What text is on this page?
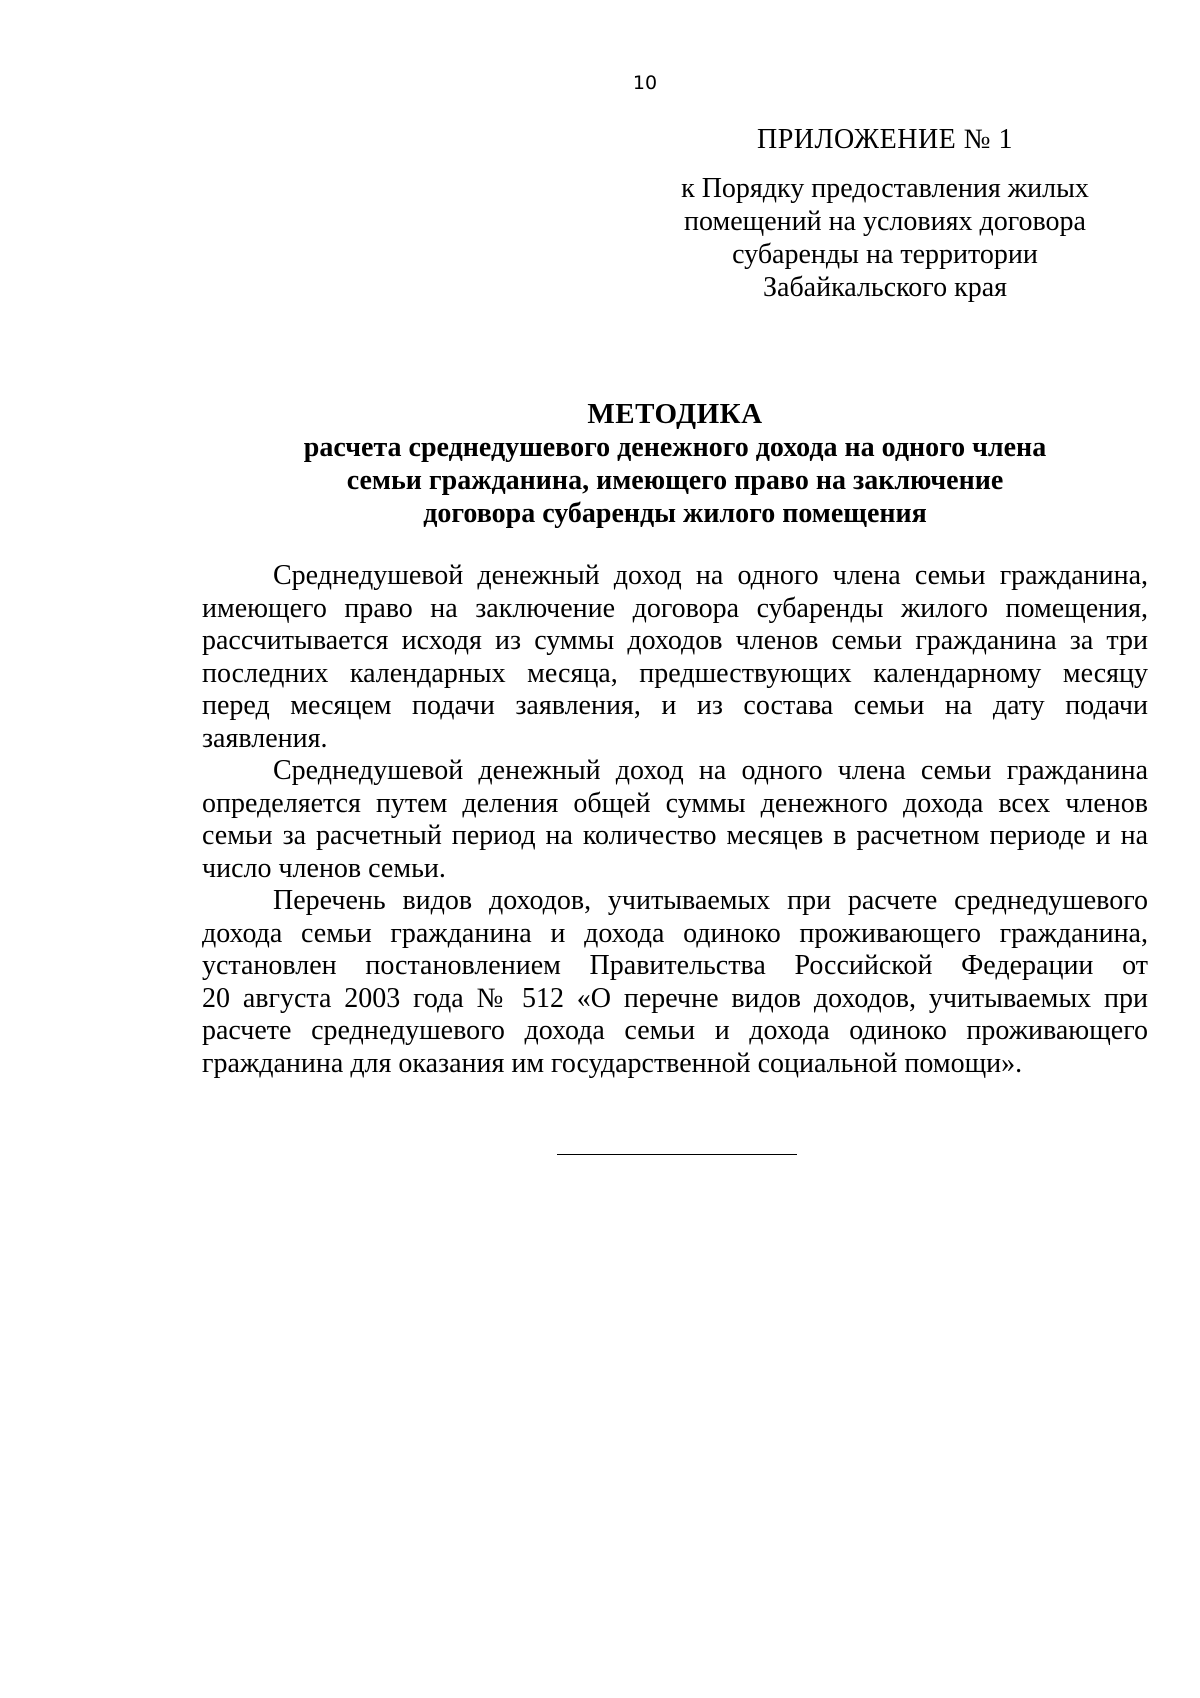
10
ПРИЛОЖЕНИЕ № 1
к Порядку предоставления жилых
помещений на условиях договора
субаренды на территории
Забайкальского края
МЕТОДИКА
расчета среднедушевого денежного дохода на одного члена
семьи гражданина, имеющего право на заключение
договора субаренды жилого помещения

Среднедушевой денежный доход на одного члена семьи гражданина,
имеющего право на заключение договора субаренды жилого помещения,
рассчитывается исходя из суммы доходов членов семьи гражданина за три
последних календарных месяца, предшествующих календарному месяцу
перед месяцем подачи заявления, и из состава семьи на дату подачи
заявления.

Среднедушевой денежный доход на одного члена семьи гражданина
определяется путем деления общей суммы денежного дохода всех членов
семьи за расчетный период на количество месяцев в расчетном периоде и на
число членов семьи.

Перечень видов доходов, учитываемых при расчете среднедушевого
дохода семьи гражданина и дохода одиноко проживающего гражданина,
установлен постановлением Правительства Российской Федерации от
20 августа 2003 года № 512 «О перечне видов доходов, учитываемых при
расчете среднедушевого дохода семьи и дохода одиноко проживающего
гражданина для оказания им государственной социальной помощи».
